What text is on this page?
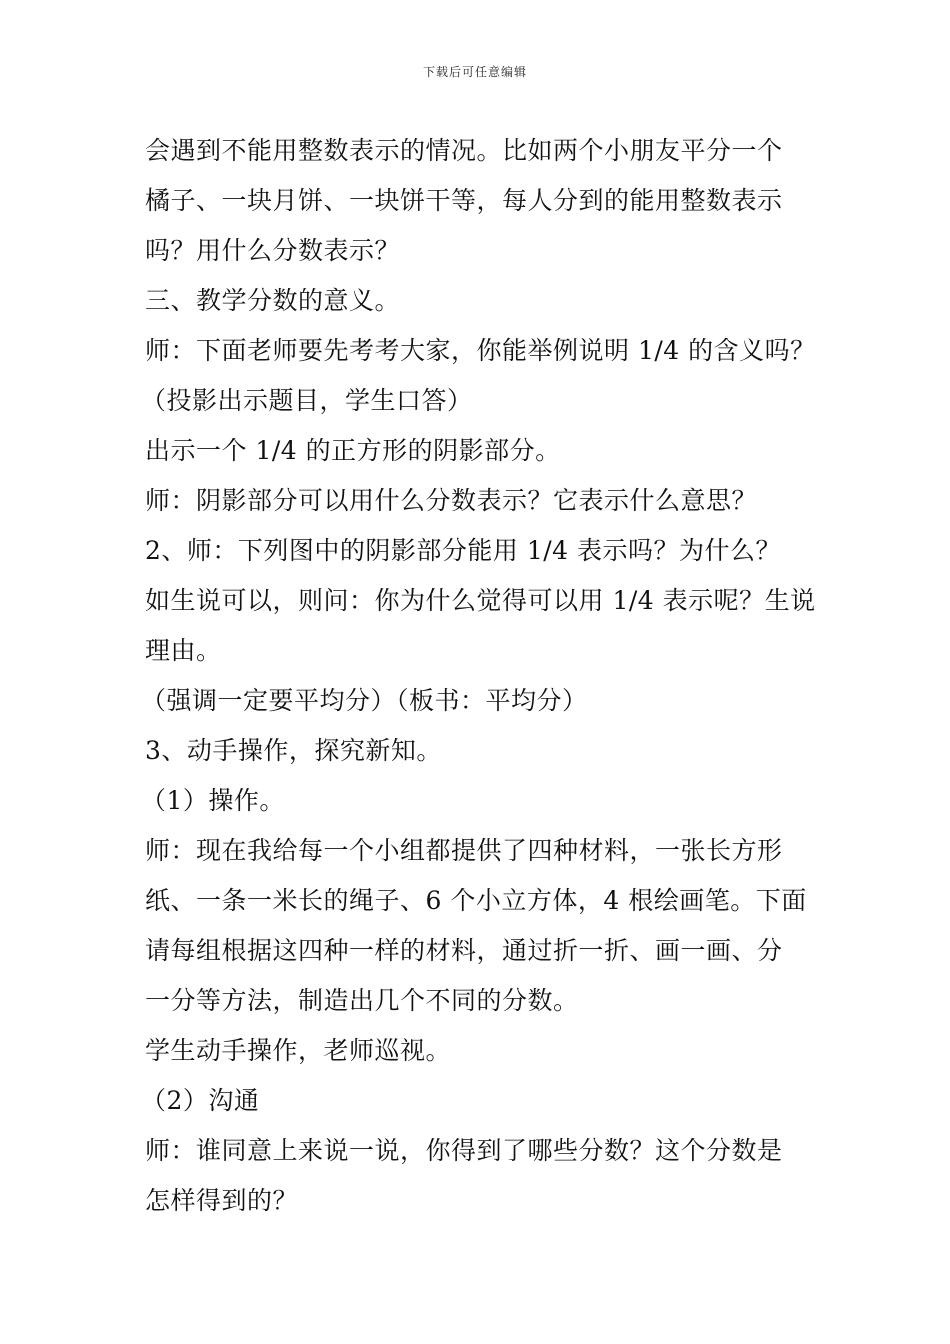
下载后可任意编辑

会遇到不能用整数表示的情况。比如两个小朋友平分一个

橘子、一块月饼、一块饼干等，每人分到的能用整数表示

吗？用什么分数表示？

三、教学分数的意义。

师：下面老师要先考考大家，你能举例说明 1/4 的含义吗？

（投影出示题目，学生口答）

出示一个 1/4 的正方形的阴影部分。

师：阴影部分可以用什么分数表示？它表示什么意思？

2、师：下列图中的阴影部分能用 1/4 表示吗？为什么？

如生说可以，则问：你为什么觉得可以用 1/4 表示呢？生说

理由。

（强调一定要平均分）（板书：平均分）

3、动手操作，探究新知。

（1）操作。

师：现在我给每一个小组都提供了四种材料，一张长方形

纸、一条一米长的绳子、6 个小立方体，4 根绘画笔。下面

请每组根据这四种一样的材料，通过折一折、画一画、分

一分等方法，制造出几个不同的分数。

学生动手操作，老师巡视。

（2）沟通

师：谁同意上来说一说，你得到了哪些分数？这个分数是

怎样得到的？
